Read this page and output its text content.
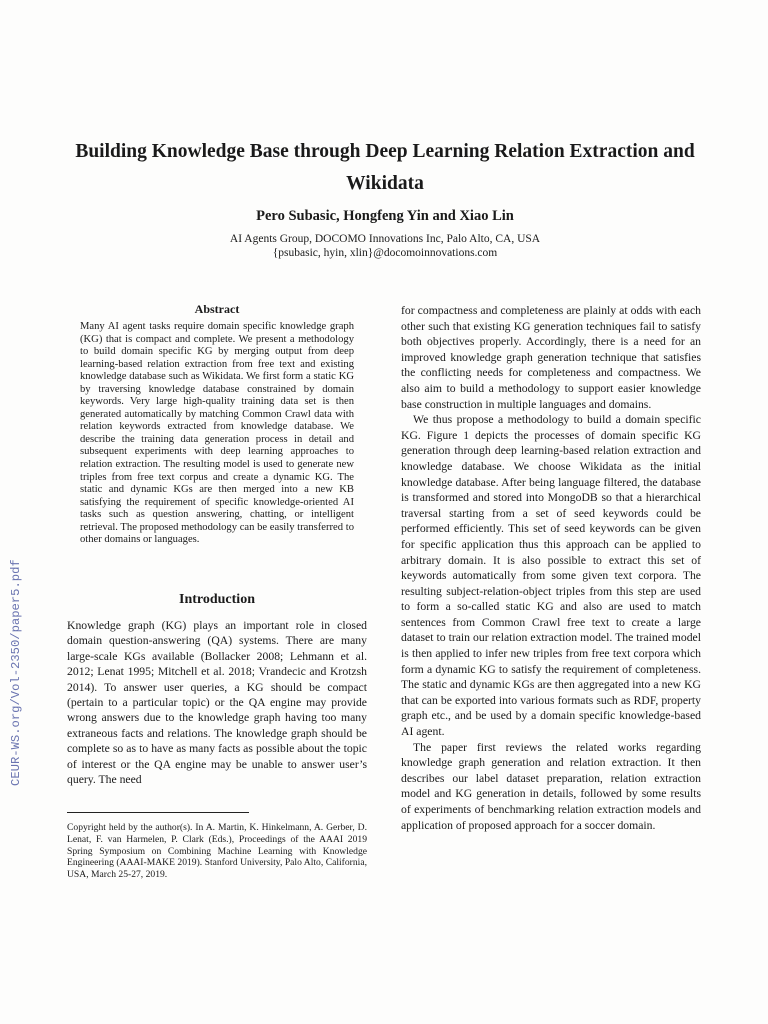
CEUR-WS.org/Vol-2350/paper5.pdf
Building Knowledge Base through Deep Learning Relation Extraction and Wikidata
Pero Subasic, Hongfeng Yin and Xiao Lin
AI Agents Group, DOCOMO Innovations Inc, Palo Alto, CA, USA
{psubasic, hyin, xlin}@docomoinnovations.com
Abstract
Many AI agent tasks require domain specific knowledge graph (KG) that is compact and complete. We present a methodology to build domain specific KG by merging output from deep learning-based relation extraction from free text and existing knowledge database such as Wikidata. We first form a static KG by traversing knowledge database constrained by domain keywords. Very large high-quality training data set is then generated automatically by matching Common Crawl data with relation keywords extracted from knowledge database. We describe the training data generation process in detail and subsequent experiments with deep learning approaches to relation extraction. The resulting model is used to generate new triples from free text corpus and create a dynamic KG. The static and dynamic KGs are then merged into a new KB satisfying the requirement of specific knowledge-oriented AI tasks such as question answering, chatting, or intelligent retrieval. The proposed methodology can be easily transferred to other domains or languages.
Introduction
Knowledge graph (KG) plays an important role in closed domain question-answering (QA) systems. There are many large-scale KGs available (Bollacker 2008; Lehmann et al. 2012; Lenat 1995; Mitchell et al. 2018; Vrandecic and Krotzsh 2014). To answer user queries, a KG should be compact (pertain to a particular topic) or the QA engine may provide wrong answers due to the knowledge graph having too many extraneous facts and relations. The knowledge graph should be complete so as to have as many facts as possible about the topic of interest or the QA engine may be unable to answer user’s query. The need
Copyright held by the author(s). In A. Martin, K. Hinkelmann, A. Gerber, D. Lenat, F. van Harmelen, P. Clark (Eds.), Proceedings of the AAAI 2019 Spring Symposium on Combining Machine Learning with Knowledge Engineering (AAAI-MAKE 2019). Stanford University, Palo Alto, California, USA, March 25-27, 2019.

for compactness and completeness are plainly at odds with each other such that existing KG generation techniques fail to satisfy both objectives properly. Accordingly, there is a need for an improved knowledge graph generation technique that satisfies the conflicting needs for completeness and compactness. We also aim to build a methodology to support easier knowledge base construction in multiple languages and domains.

We thus propose a methodology to build a domain specific KG. Figure 1 depicts the processes of domain specific KG generation through deep learning-based relation extraction and knowledge database. We choose Wikidata as the initial knowledge database. After being language filtered, the database is transformed and stored into MongoDB so that a hierarchical traversal starting from a set of seed keywords could be performed efficiently. This set of seed keywords can be given for specific application thus this approach can be applied to arbitrary domain. It is also possible to extract this set of keywords automatically from some given text corpora. The resulting subject-relation-object triples from this step are used to form a so-called static KG and also are used to match sentences from Common Crawl free text to create a large dataset to train our relation extraction model. The trained model is then applied to infer new triples from free text corpora which form a dynamic KG to satisfy the requirement of completeness. The static and dynamic KGs are then aggregated into a new KG that can be exported into various formats such as RDF, property graph etc., and be used by a domain specific knowledge-based AI agent.

The paper first reviews the related works regarding knowledge graph generation and relation extraction. It then describes our label dataset preparation, relation extraction model and KG generation in details, followed by some results of experiments of benchmarking relation extraction models and application of proposed approach for a soccer domain.
